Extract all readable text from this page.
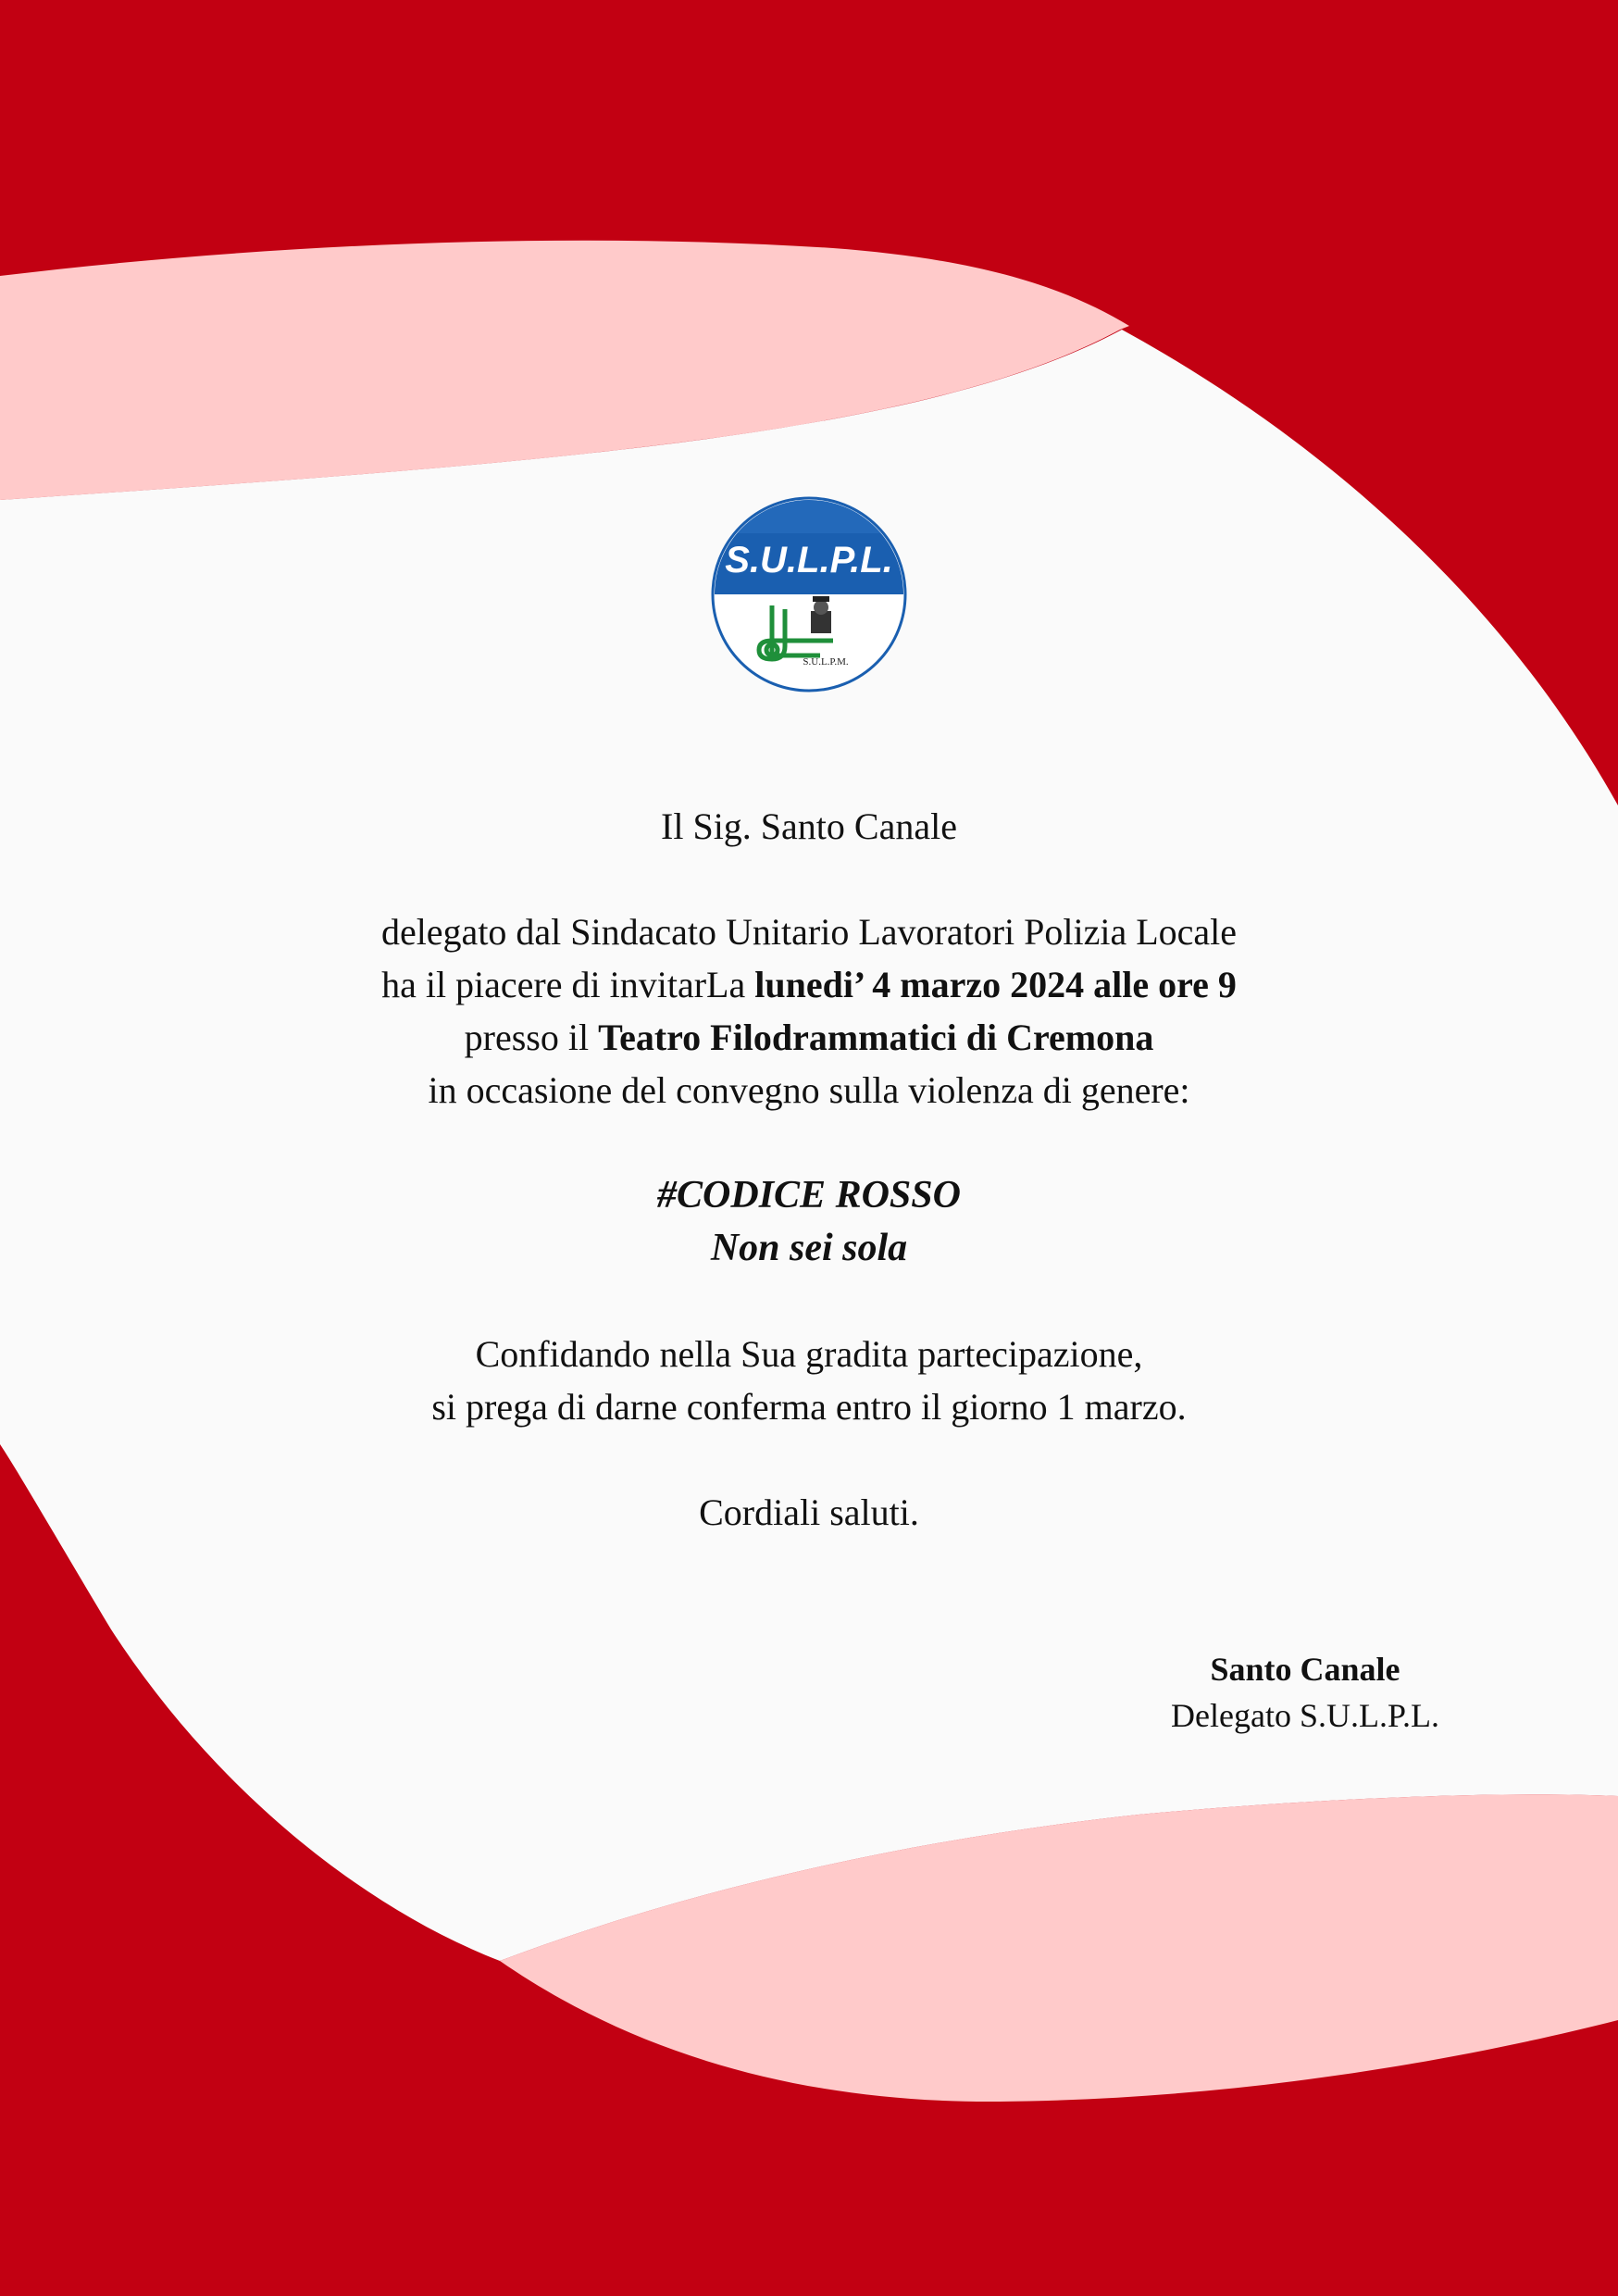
S.U.L.P.L.
S.U.L.P.M.
Il Sig. Santo Canale
delegato dal Sindacato Unitario Lavoratori Polizia Locale
ha il piacere di invitarLa lunedi’ 4 marzo 2024 alle ore 9
presso il Teatro Filodrammatici di Cremona
in occasione del convegno sulla violenza di genere:
#CODICE ROSSO
Non sei sola
Confidando nella Sua gradita partecipazione,
si prega di darne conferma entro il giorno 1 marzo.
Cordiali saluti.
Santo Canale
Delegato S.U.L.P.L.
